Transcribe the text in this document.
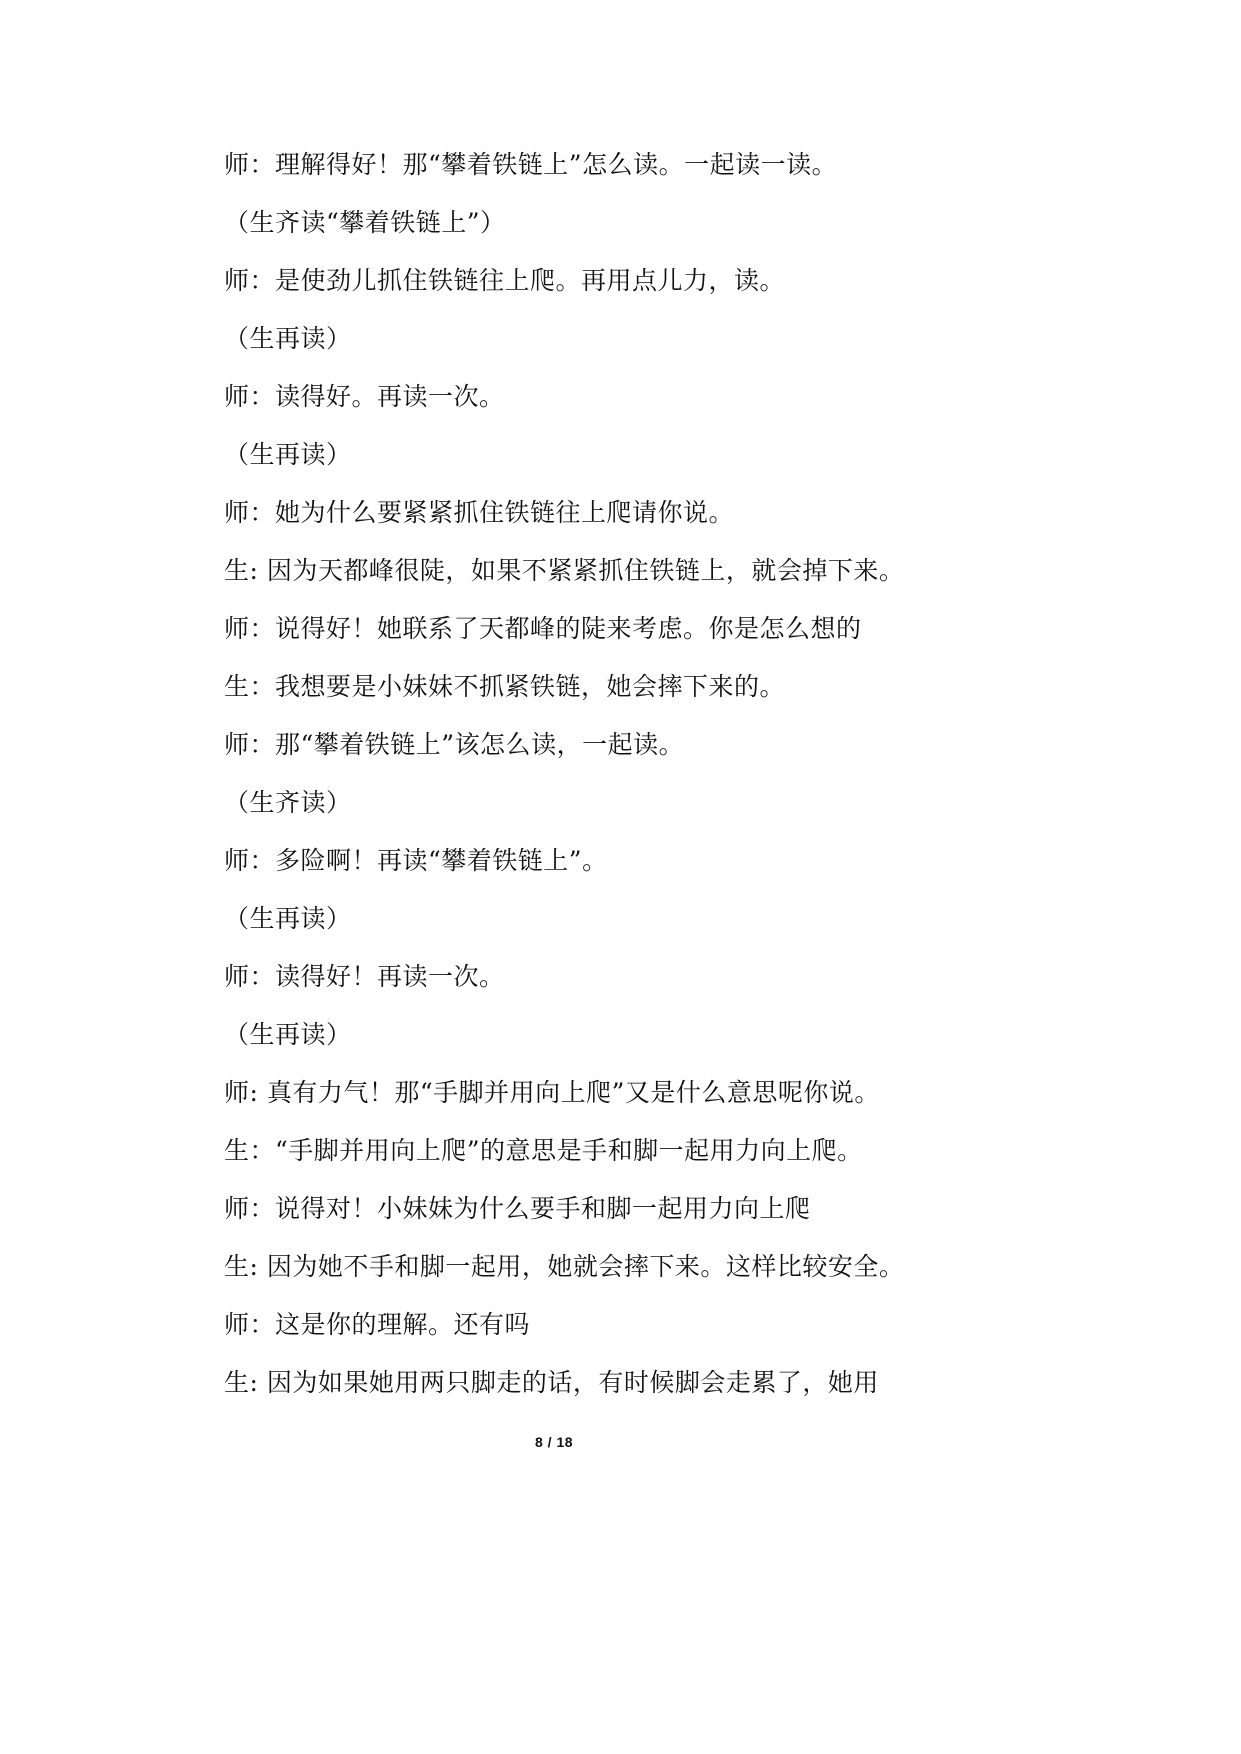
师：理解得好！那“攀着铁链上”怎么读。一起读一读。
（生齐读“攀着铁链上”）
师：是使劲儿抓住铁链往上爬。再用点儿力，读。
（生再读）
师：读得好。再读一次。
（生再读）
师：她为什么要紧紧抓住铁链往上爬请你说。
生: 因为天都峰很陡，如果不紧紧抓住铁链上，就会掉下来。
师：说得好！她联系了天都峰的陡来考虑。你是怎么想的
生：我想要是小妹妹不抓紧铁链，她会摔下来的。
师：那“攀着铁链上”该怎么读，一起读。
（生齐读）
师：多险啊！再读“攀着铁链上”。
（生再读）
师：读得好！再读一次。
（生再读）
师: 真有力气！那“手脚并用向上爬”又是什么意思呢你说。
生：“手脚并用向上爬”的意思是手和脚一起用力向上爬。
师：说得对！小妹妹为什么要手和脚一起用力向上爬
生: 因为她不手和脚一起用，她就会摔下来。这样比较安全。
师：这是你的理解。还有吗
生: 因为如果她用两只脚走的话，有时候脚会走累了，她用
8 / 18
